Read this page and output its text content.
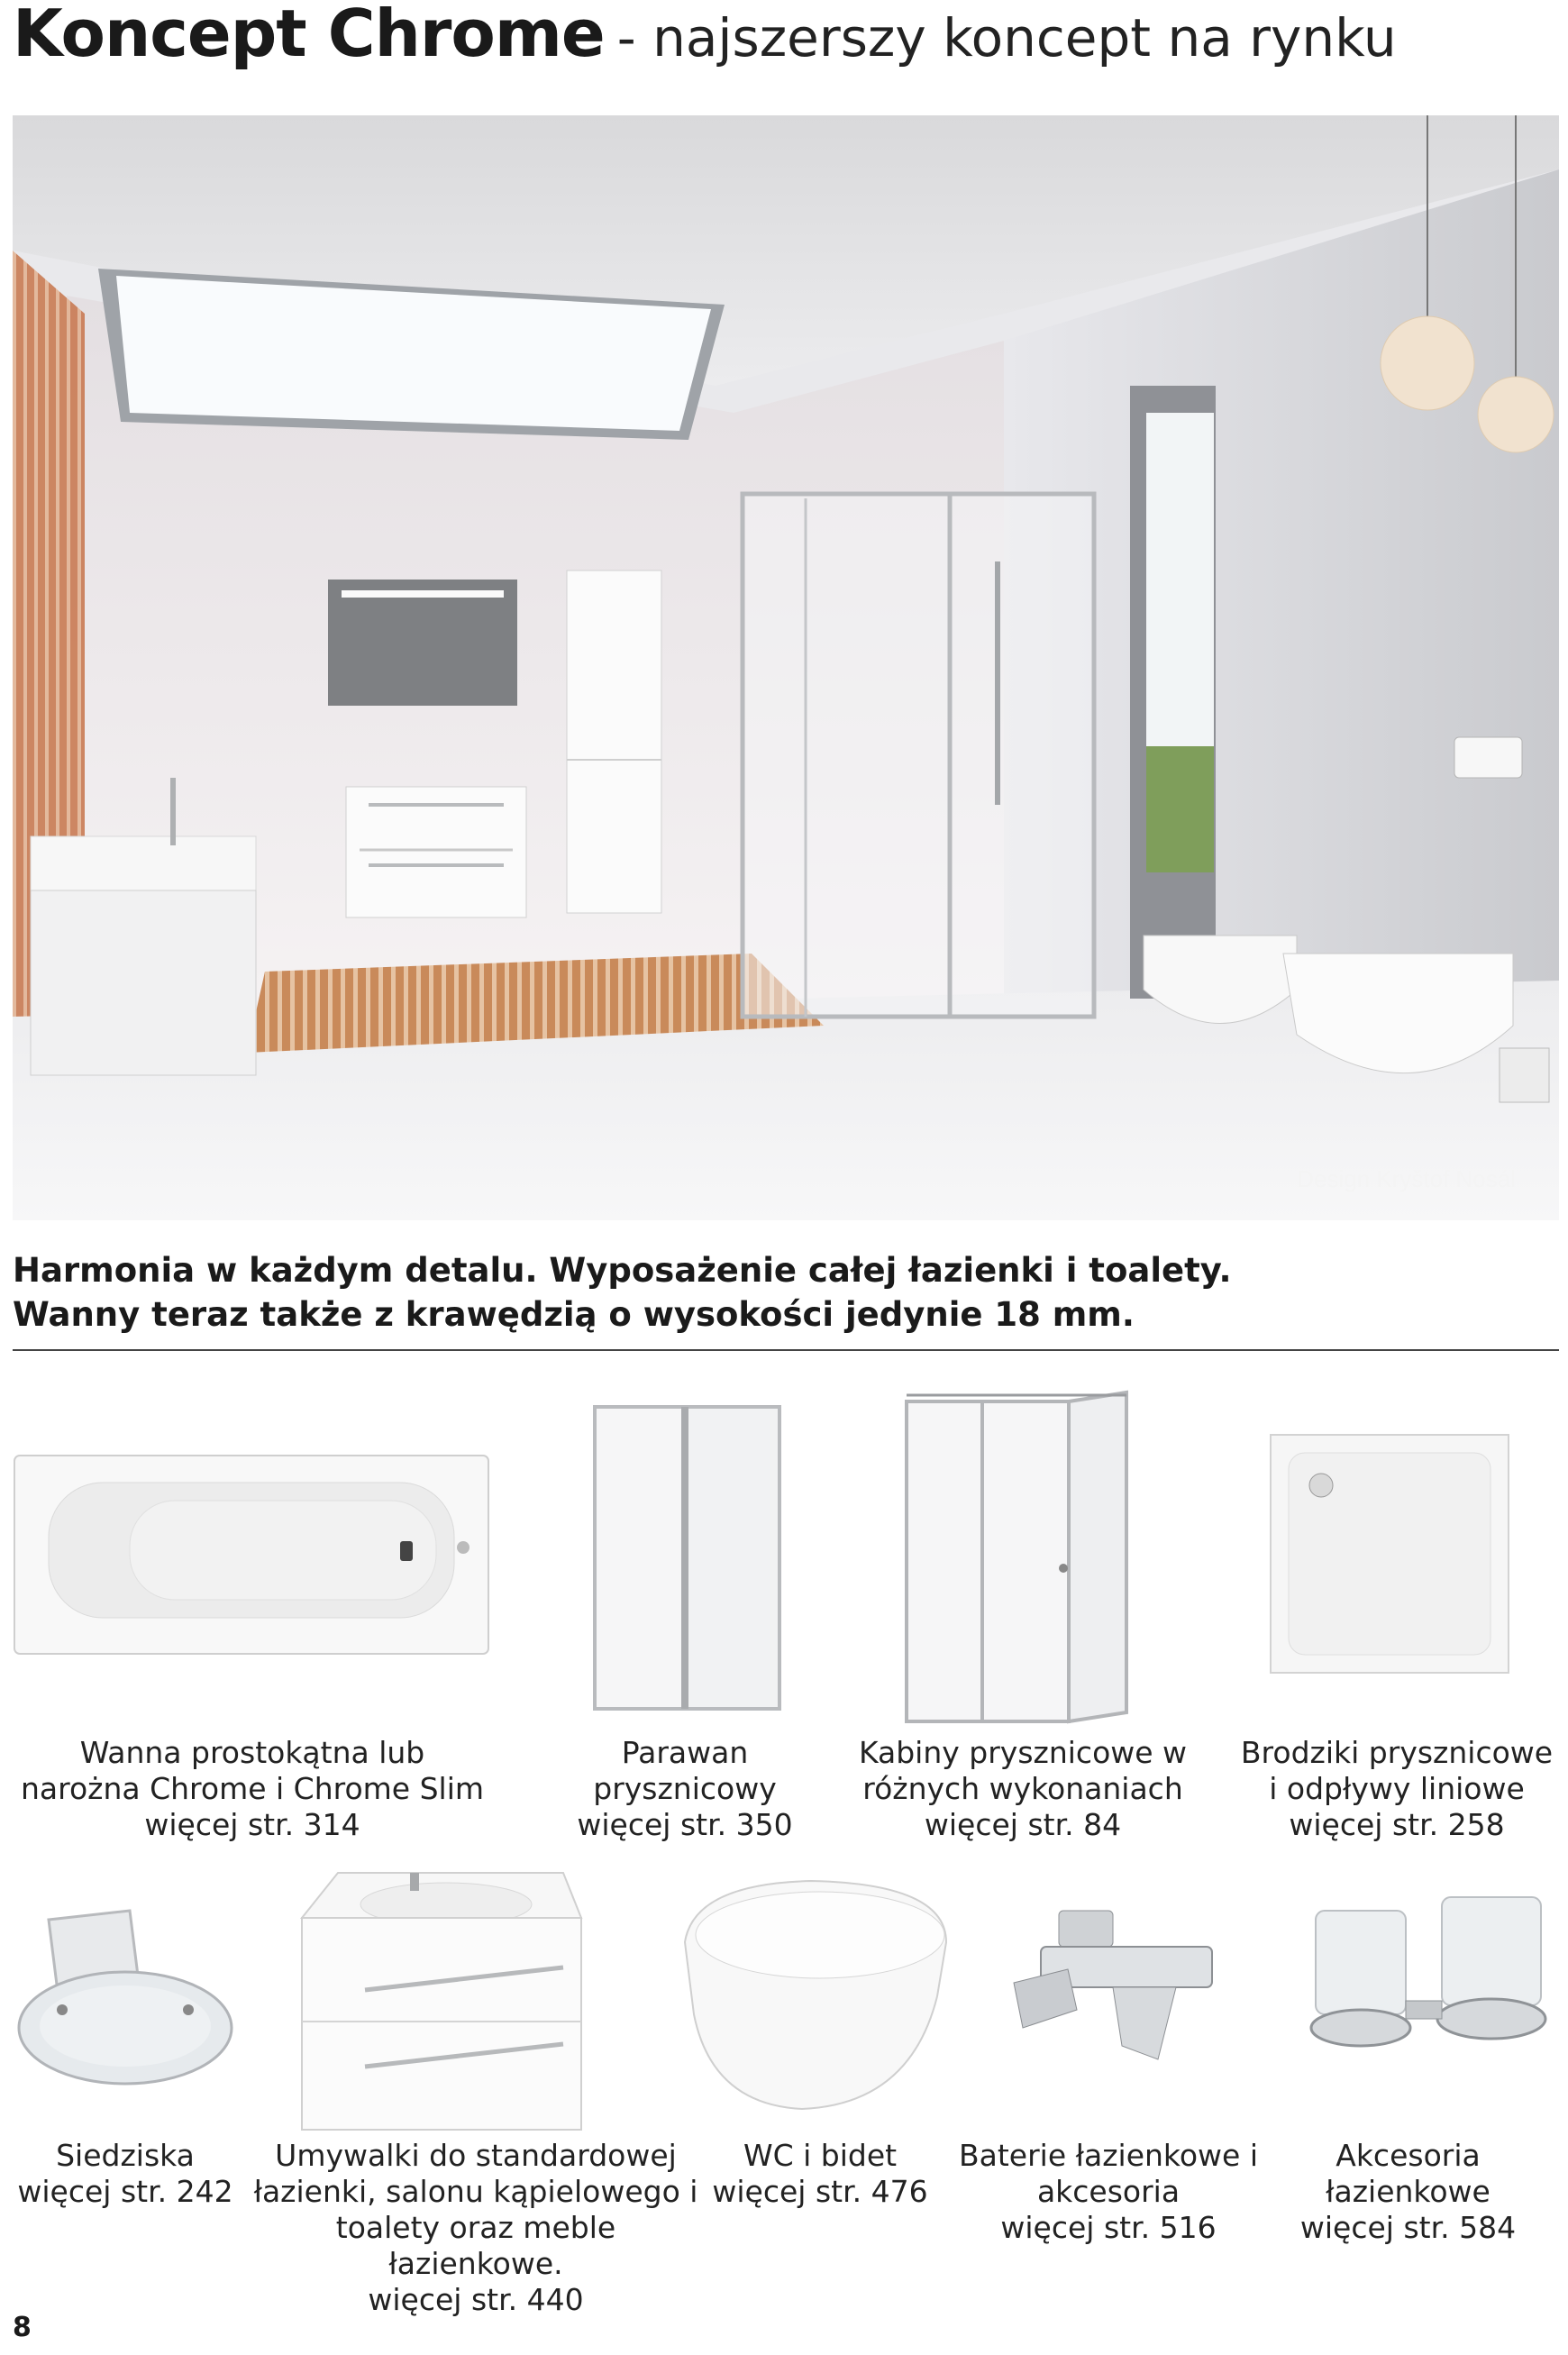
Koncept Chrome - najszerszy koncept na rynku
Design Kryštof Nosál
Harmonia w każdym detalu. Wyposażenie całej łazienki i toalety.
Wanny teraz także z krawędzią o wysokości jedynie 18 mm.
Wanna prostokątna lub
narożna Chrome i Chrome Slim
więcej str. 314
Parawan
prysznicowy
więcej str. 350
Kabiny prysznicowe w
różnych wykonaniach
więcej str. 84
Brodziki prysznicowe
i odpływy liniowe
więcej str. 258
Siedziska
więcej str. 242
Umywalki do standardowej
łazienki, salonu kąpielowego i
toalety oraz meble łazienkowe.
więcej str. 440
WC i bidet
więcej str. 476
Baterie łazienkowe i
akcesoria
więcej str. 516
Akcesoria łazienkowe
więcej str. 584
8
